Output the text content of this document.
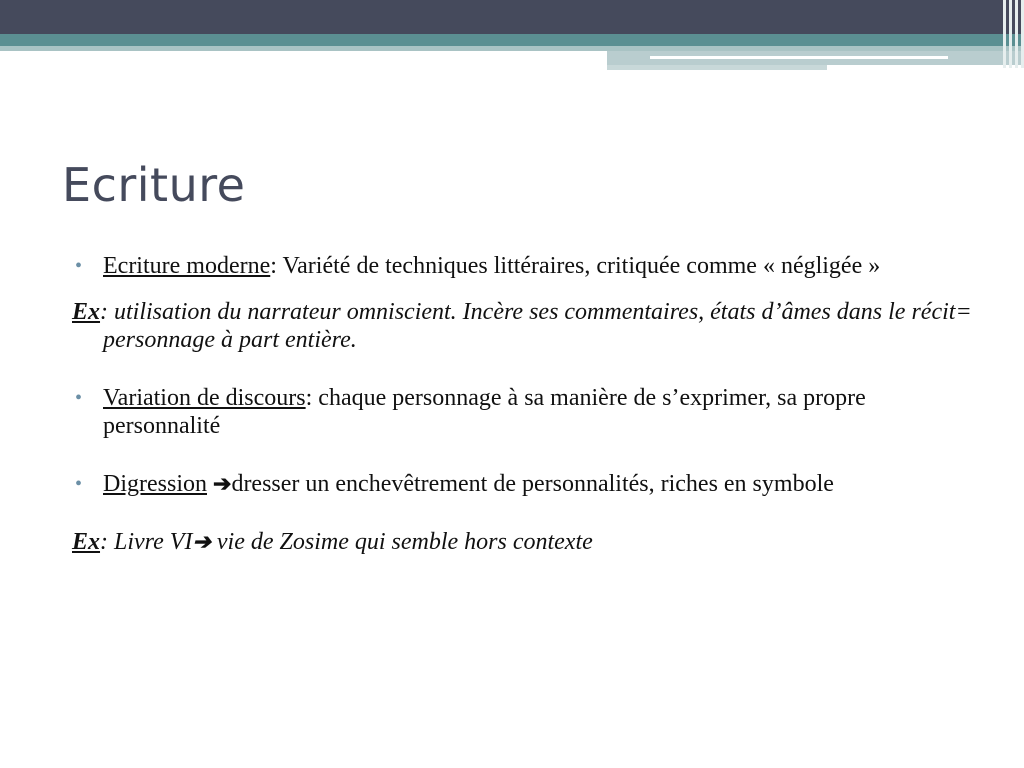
Ecriture

• Ecriture moderne: Variété de techniques littéraires, critiquée comme « négligée »

Ex: utilisation du narrateur omniscient. Incère ses commentaires, états d’âmes dans le récit= personnage à part entière.

• Variation de discours: chaque personnage à sa manière de s’exprimer, sa propre personnalité

• Digression ➔dresser un enchevêtrement de personnalités, riches en symbole

Ex: Livre VI➔ vie de Zosime qui semble hors contexte
